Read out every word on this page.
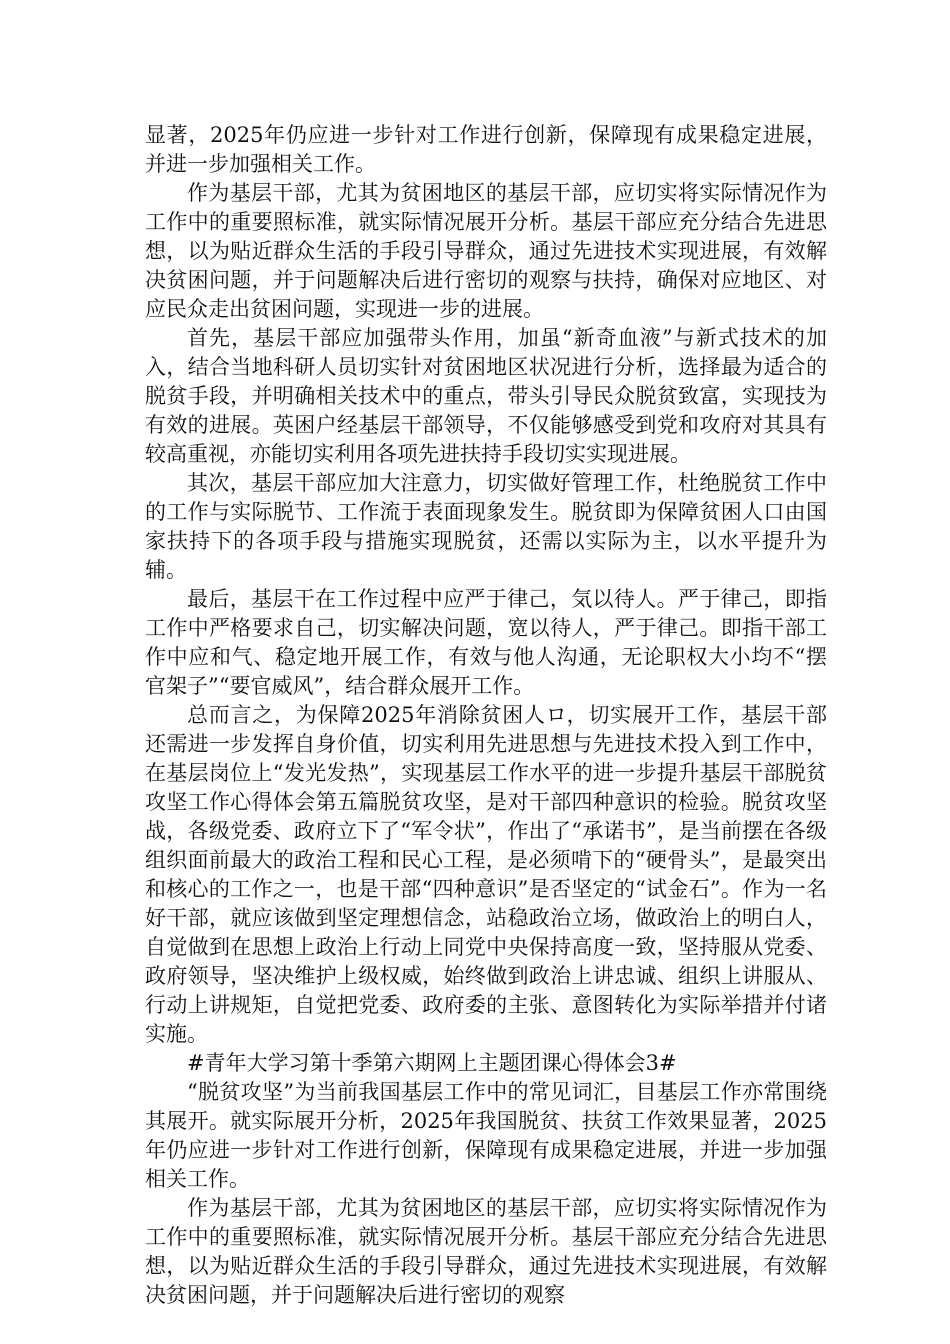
显著，2025年仍应进一步针对工作进行创新，保障现有成果稳定进展，并进一步加强相关工作。

作为基层干部，尤其为贫困地区的基层干部，应切实将实际情况作为工作中的重要照标准，就实际情况展开分析。基层干部应充分结合先进思想，以为贴近群众生活的手段引导群众，通过先进技术实现进展，有效解决贫困问题，并于问题解决后进行密切的观察与扶持，确保对应地区、对应民众走出贫困问题，实现进一步的进展。

首先，基层干部应加强带头作用，加虽“新奇血液”与新式技术的加入，结合当地科研人员切实针对贫困地区状况进行分析，选择最为适合的脱贫手段，并明确相关技术中的重点，带头引导民众脱贫致富，实现技为有效的进展。英困户经基层干部领导，不仅能够感受到党和攻府对其具有较高重视，亦能切实利用各项先进扶持手段切实实现进展。

其次，基层干部应加大注意力，切实做好管理工作，杜绝脱贫工作中的工作与实际脱节、工作流于表面现象发生。脱贫即为保障贫困人口由国家扶持下的各项手段与措施实现脱贫，还需以实际为主，以水平提升为辅。

最后，基层干在工作过程中应严于律己，気以待人。严于律己，即指工作中严格要求自己，切实解决问题，宽以待人，严于律己。即指干部工作中应和气、稳定地开展工作，有效与他人沟通，无论职权大小均不“摆官架子”“要官威风”，结合群众展开工作。

总而言之，为保障2025年消除贫困人ロ，切实展开工作，基层干部还需进一步发挥自身价值，切实利用先进思想与先进技术投入到工作中，在基层岗位上“发光发热”，实现基层工作水平的进一步提升基层干部脱贫攻坚工作心得体会第五篇脱贫攻坚，是对干部四种意识的检验。脱贫攻坚战，各级党委、政府立下了“军令状”，作出了“承诺书”，是当前摆在各级组织面前最大的政治工程和民心工程，是必须啃下的“硬骨头”，是最突出和核心的工作之一，也是干部“四种意识”是否坚定的“试金石”。作为一名好干部，就应该做到坚定理想信念，站稳政治立场，做政治上的明白人，自觉做到在思想上政治上行动上同党中央保持高度一致，坚持服从党委、政府领导，坚决维护上级权威，始终做到政治上讲忠诚、组织上讲服从、行动上讲规矩，自觉把党委、政府委的主张、意图转化为实际举措并付诸实施。

#青年大学习第十季第六期网上主题团课心得体会3#

“脱贫攻坚”为当前我国基层工作中的常见词汇，目基层工作亦常围绕其展开。就实际展开分析，2025年我国脱贫、扶贫工作效果显著，2025年仍应进一步针对工作进行创新，保障现有成果稳定进展，并进一步加强相关工作。

作为基层干部，尤其为贫困地区的基层干部，应切实将实际情况作为工作中的重要照标准，就实际情况展开分析。基层干部应充分结合先进思想，以为贴近群众生活的手段引导群众，通过先进技术实现进展，有效解决贫困问题，并于问题解决后进行密切的观察
